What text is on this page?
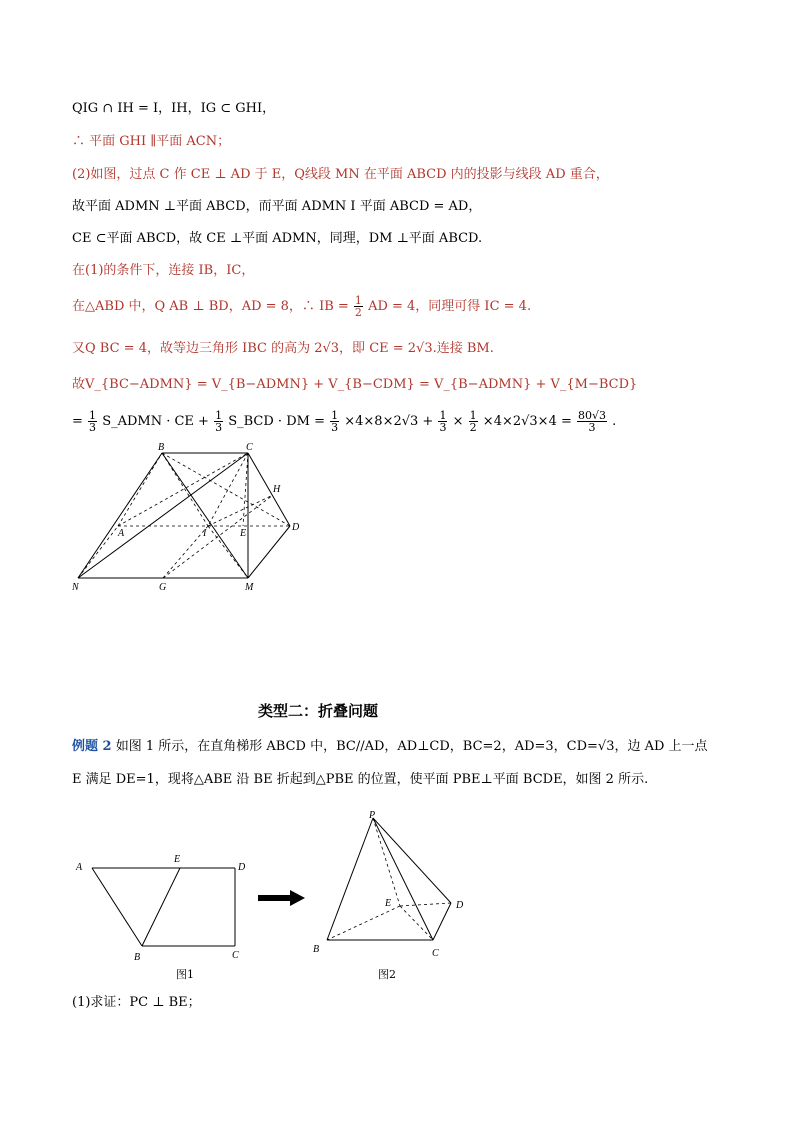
QIG ∩ IH = I，IH，IG ⊂ GHI，
∴ 平面 GHI ∥平面 ACN；
(2)如图，过点 C 作 CE ⊥ AD 于 E，Q线段 MN 在平面 ABCD 内的投影与线段 AD 重合，
故平面 ADMN ⊥平面 ABCD，而平面 ADMN I 平面 ABCD = AD，
CE ⊂平面 ABCD，故 CE ⊥平面 ADMN，同理，DM ⊥平面 ABCD.
在(1)的条件下，连接 IB，IC，
在△ABD 中，Q AB ⊥ BD，AD = 8，∴ IB = $\frac{1}{2}$ AD = 4，同理可得 IC = 4.
又Q BC = 4，故等边三角形 IBC 的高为 2√3，即 CE = 2√3.连接 BM.
故V_{BC−ADMN} = V_{B−ADMN} + V_{B−CDM} = V_{B−ADMN} + V_{M−BCD}
= $\frac{1}{3}$ S_ADMN · CE + $\frac{1}{3}$ S_BCD · DM = $\frac{1}{3} \times 4\times 8\times 2√3 + \frac{1}{3} \times \frac{1}{2} \times 4\times 2√3\times 4 = \frac{80√3}{3}$ .
B	C
H
A	I	E
D
N	G	M
类型二：折叠问题
例题 2 如图 1 所示，在直角梯形 ABCD 中，BC//AD，AD⊥CD，BC=2，AD=3，CD=√3，边 AD 上一点
E 满足 DE=1，现将△ABE 沿 BE 折起到△PBE 的位置，使平面 PBE⊥平面 BCDE，如图 2 所示.
A
E
D
B	C
图1
P
E	D
B	C
图2
(1)求证：PC ⊥ BE；
